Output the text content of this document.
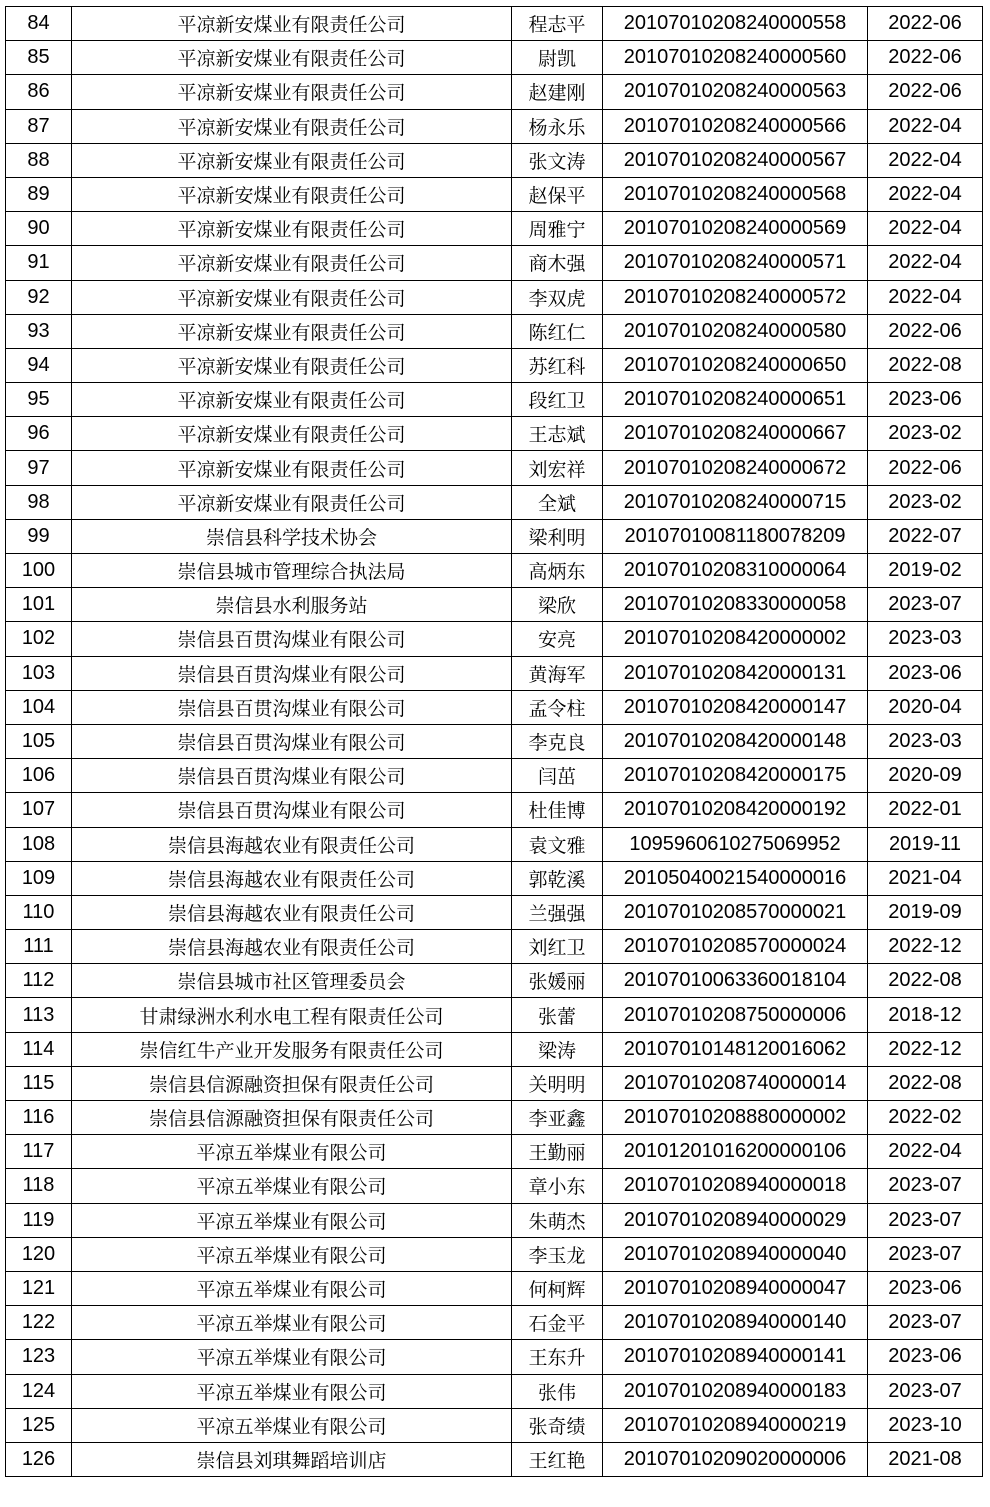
84	平凉新安煤业有限责任公司	程志平	20107010208240000558	2022-06
85	平凉新安煤业有限责任公司	尉凯	20107010208240000560	2022-06
86	平凉新安煤业有限责任公司	赵建刚	20107010208240000563	2022-06
87	平凉新安煤业有限责任公司	杨永乐	20107010208240000566	2022-04
88	平凉新安煤业有限责任公司	张文涛	20107010208240000567	2022-04
89	平凉新安煤业有限责任公司	赵保平	20107010208240000568	2022-04
90	平凉新安煤业有限责任公司	周雅宁	20107010208240000569	2022-04
91	平凉新安煤业有限责任公司	商木强	20107010208240000571	2022-04
92	平凉新安煤业有限责任公司	李双虎	20107010208240000572	2022-04
93	平凉新安煤业有限责任公司	陈红仁	20107010208240000580	2022-06
94	平凉新安煤业有限责任公司	苏红科	20107010208240000650	2022-08
95	平凉新安煤业有限责任公司	段红卫	20107010208240000651	2023-06
96	平凉新安煤业有限责任公司	王志斌	20107010208240000667	2023-02
97	平凉新安煤业有限责任公司	刘宏祥	20107010208240000672	2022-06
98	平凉新安煤业有限责任公司	全斌	20107010208240000715	2023-02
99	崇信县科学技术协会	梁利明	20107010081180078209	2022-07
100	崇信县城市管理综合执法局	高炳东	20107010208310000064	2019-02
101	崇信县水利服务站	梁欣	20107010208330000058	2023-07
102	崇信县百贯沟煤业有限公司	安亮	20107010208420000002	2023-03
103	崇信县百贯沟煤业有限公司	黄海军	20107010208420000131	2023-06
104	崇信县百贯沟煤业有限公司	孟令柱	20107010208420000147	2020-04
105	崇信县百贯沟煤业有限公司	李克良	20107010208420000148	2023-03
106	崇信县百贯沟煤业有限公司	闫茁	20107010208420000175	2020-09
107	崇信县百贯沟煤业有限公司	杜佳博	20107010208420000192	2022-01
108	崇信县海越农业有限责任公司	袁文雅	1095960610275069952	2019-11
109	崇信县海越农业有限责任公司	郭乾溪	20105040021540000016	2021-04
110	崇信县海越农业有限责任公司	兰强强	20107010208570000021	2019-09
111	崇信县海越农业有限责任公司	刘红卫	20107010208570000024	2022-12
112	崇信县城市社区管理委员会	张媛丽	20107010063360018104	2022-08
113	甘肃绿洲水利水电工程有限责任公司	张蕾	20107010208750000006	2018-12
114	崇信红牛产业开发服务有限责任公司	梁涛	20107010148120016062	2022-12
115	崇信县信源融资担保有限责任公司	关明明	20107010208740000014	2022-08
116	崇信县信源融资担保有限责任公司	李亚鑫	20107010208880000002	2022-02
117	平凉五举煤业有限公司	王勤丽	20101201016200000106	2022-04
118	平凉五举煤业有限公司	章小东	20107010208940000018	2023-07
119	平凉五举煤业有限公司	朱萌杰	20107010208940000029	2023-07
120	平凉五举煤业有限公司	李玉龙	20107010208940000040	2023-07
121	平凉五举煤业有限公司	何柯辉	20107010208940000047	2023-06
122	平凉五举煤业有限公司	石金平	20107010208940000140	2023-07
123	平凉五举煤业有限公司	王东升	20107010208940000141	2023-06
124	平凉五举煤业有限公司	张伟	20107010208940000183	2023-07
125	平凉五举煤业有限公司	张奇绩	20107010208940000219	2023-10
126	崇信县刘琪舞蹈培训店	王红艳	20107010209020000006	2021-08
